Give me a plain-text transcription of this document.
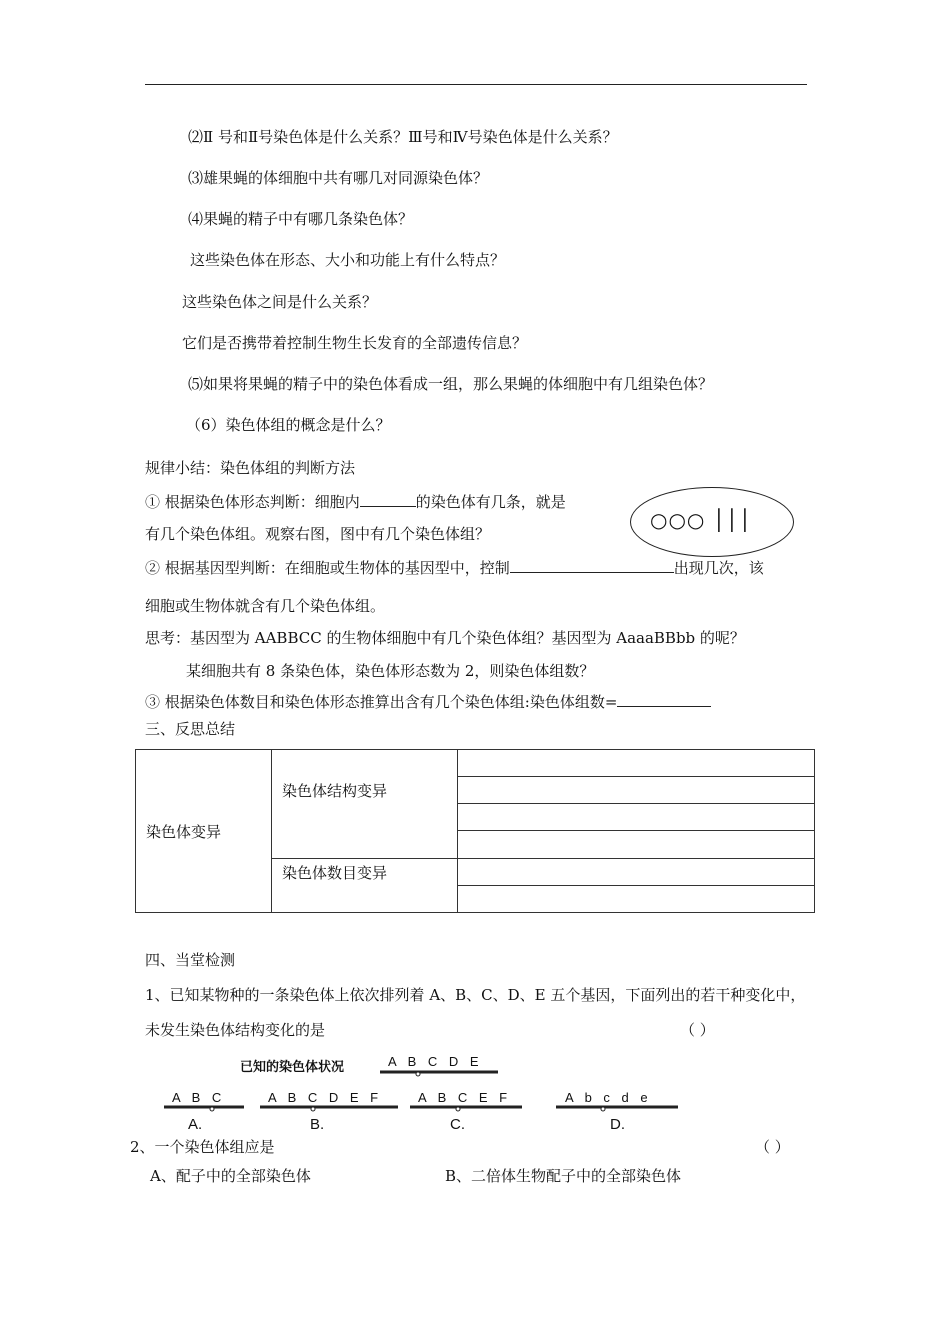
⑵Ⅱ 号和Ⅱ号染色体是什么关系？Ⅲ号和Ⅳ号染色体是什么关系？
⑶雄果蝇的体细胞中共有哪几对同源染色体？
⑷果蝇的精子中有哪几条染色体？
这些染色体在形态、大小和功能上有什么特点？
这些染色体之间是什么关系？
它们是否携带着控制生物生长发育的全部遗传信息？
⑸如果将果蝇的精子中的染色体看成一组，那么果蝇的体细胞中有几组染色体？
（6）染色体组的概念是什么？
规律小结：染色体组的判断方法
① 根据染色体形态判断：细胞内	的染色体有几条，就是
有几个染色体组。观察右图，图中有几个染色体组？
○○○ │││
② 根据基因型判断：在细胞或生物体的基因型中，控制	出现几次，该
细胞或生物体就含有几个染色体组。
思考：基因型为 AABBCC 的生物体细胞中有几个染色体组？基因型为 AaaaBBbb 的呢？
某细胞共有 8 条染色体，染色体形态数为 2，则染色体组数？
③ 根据染色体数目和染色体形态推算出含有几个染色体组:染色体组数=
三、反思总结
染色体变异	染色体结构变异	

	染色体数目变异	

四、当堂检测
1、已知某物种的一条染色体上依次排列着 A、B、C、D、E 五个基因，下面列出的若干种变化中，
未发生染色体结构变化的是	（ ）
已知的染色体状况	A B C D E
A B C	A B C D E F	A B C E F	A b c d e
A.	B.	C.	D.
2、一个染色体组应是	（ ）
A、配子中的全部染色体	B、二倍体生物配子中的全部染色体
